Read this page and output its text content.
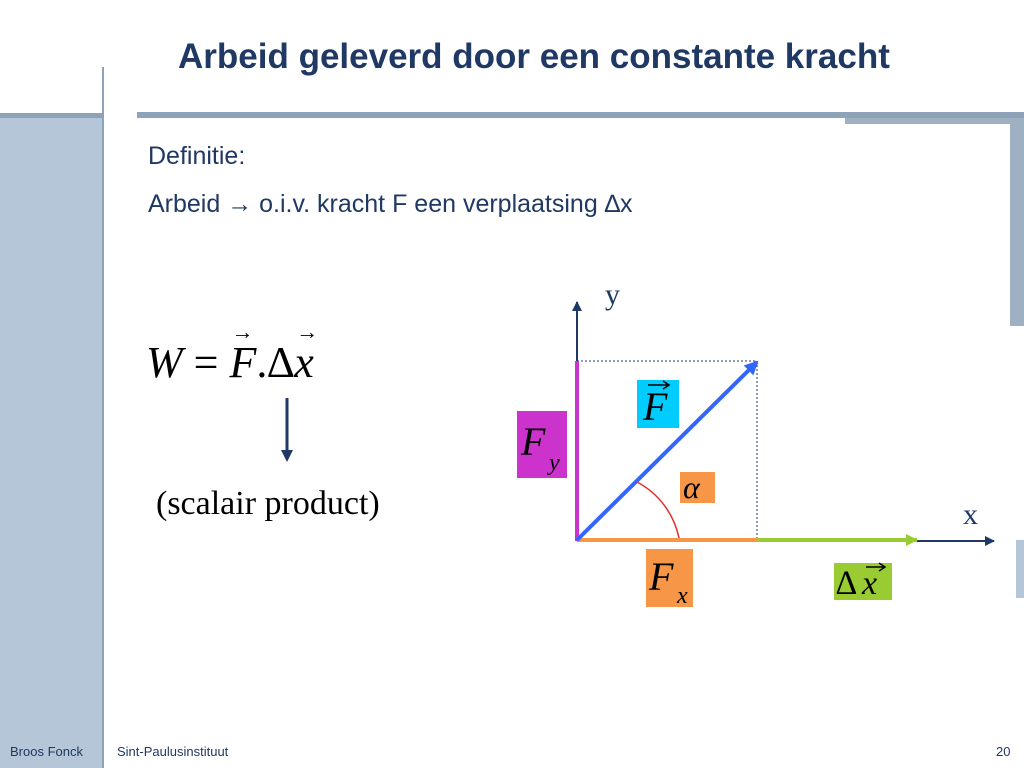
Arbeid geleverd door een constante kracht
Definitie:
Arbeid → o.i.v. kracht F een verplaatsing ∆x
W = → F.∆→ x
(scalair product)
y
x
F
F y
α
F x	∆ x
Broos Fonck	Sint-Paulusinstituut	20
